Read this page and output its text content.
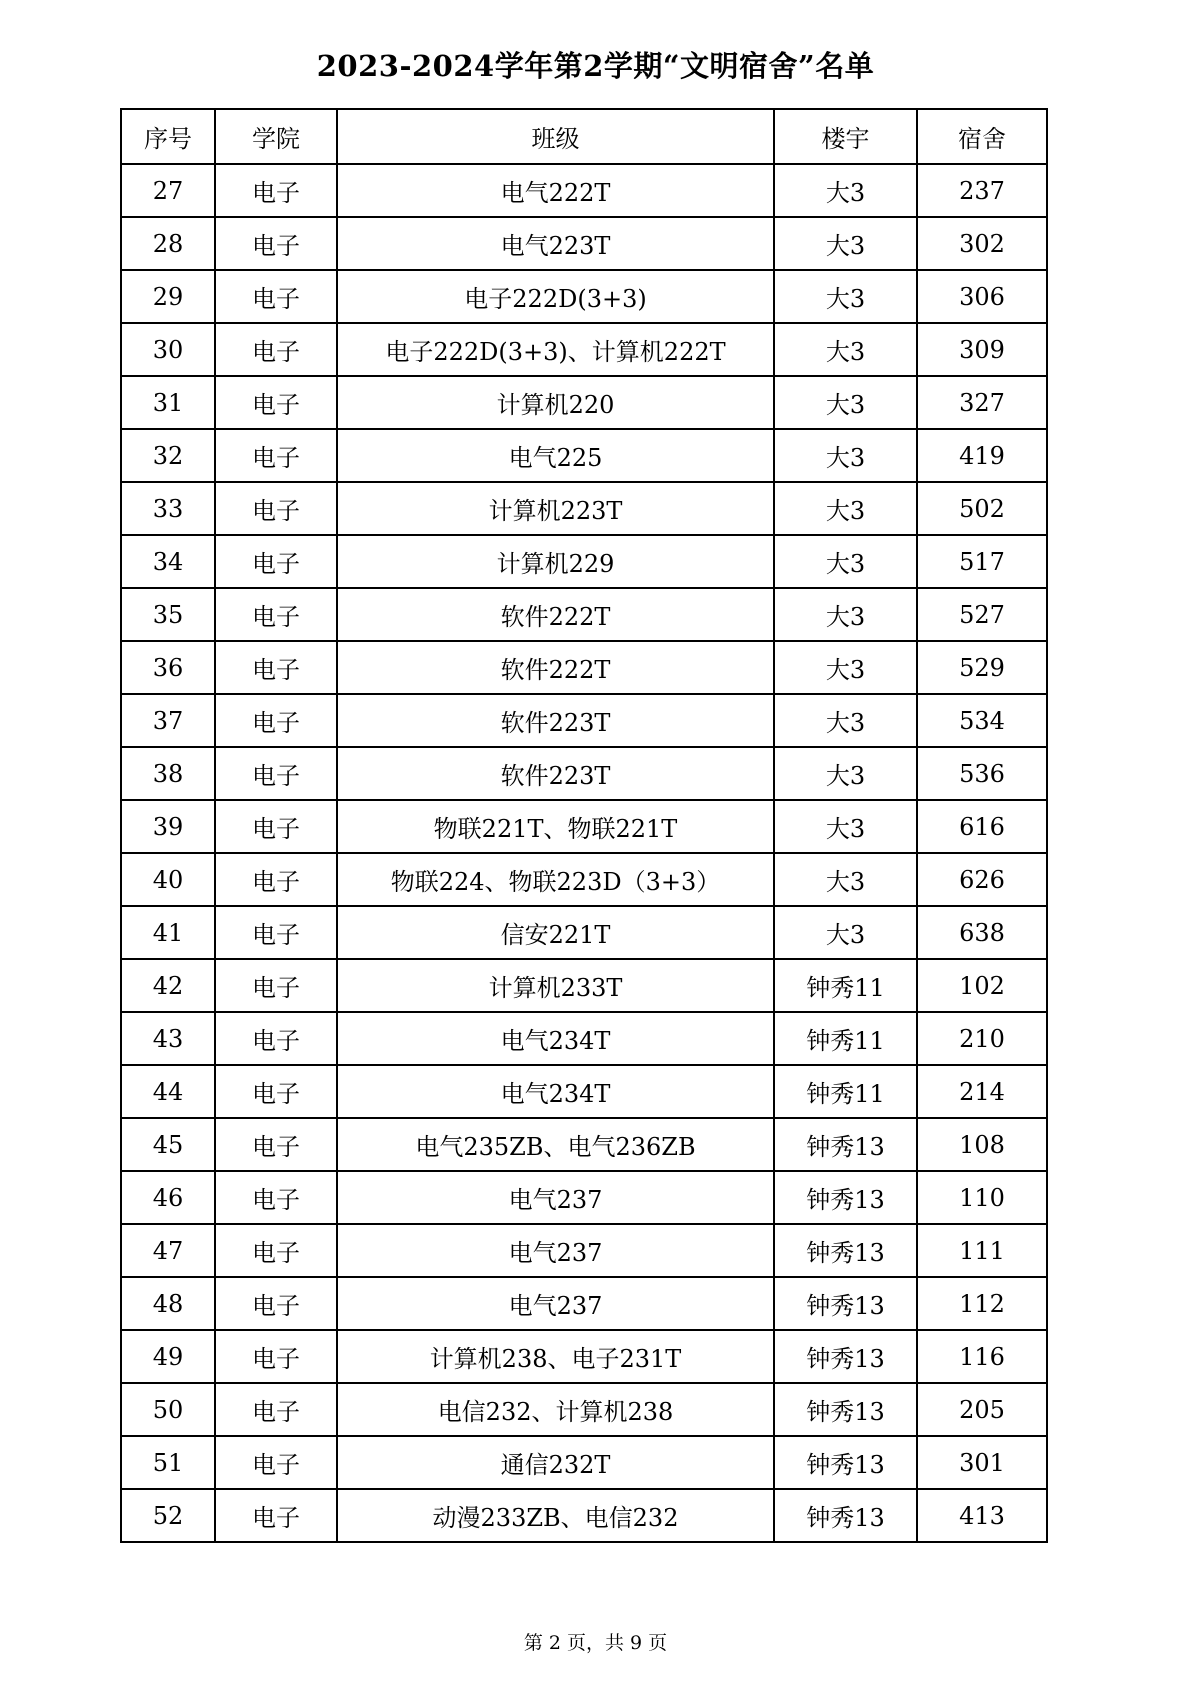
2023-2024学年第2学期“文明宿舍”名单
序号	学院	班级	楼宇	宿舍
27	电子	电气222T	大3	237
28	电子	电气223T	大3	302
29	电子	电子222D(3+3)	大3	306
30	电子	电子222D(3+3)、计算机222T	大3	309
31	电子	计算机220	大3	327
32	电子	电气225	大3	419
33	电子	计算机223T	大3	502
34	电子	计算机229	大3	517
35	电子	软件222T	大3	527
36	电子	软件222T	大3	529
37	电子	软件223T	大3	534
38	电子	软件223T	大3	536
39	电子	物联221T、物联221T	大3	616
40	电子	物联224、物联223D（3+3）	大3	626
41	电子	信安221T	大3	638
42	电子	计算机233T	钟秀11	102
43	电子	电气234T	钟秀11	210
44	电子	电气234T	钟秀11	214
45	电子	电气235ZB、电气236ZB	钟秀13	108
46	电子	电气237	钟秀13	110
47	电子	电气237	钟秀13	111
48	电子	电气237	钟秀13	112
49	电子	计算机238、电子231T	钟秀13	116
50	电子	电信232、计算机238	钟秀13	205
51	电子	通信232T	钟秀13	301
52	电子	动漫233ZB、电信232	钟秀13	413
第 2 页，共 9 页
